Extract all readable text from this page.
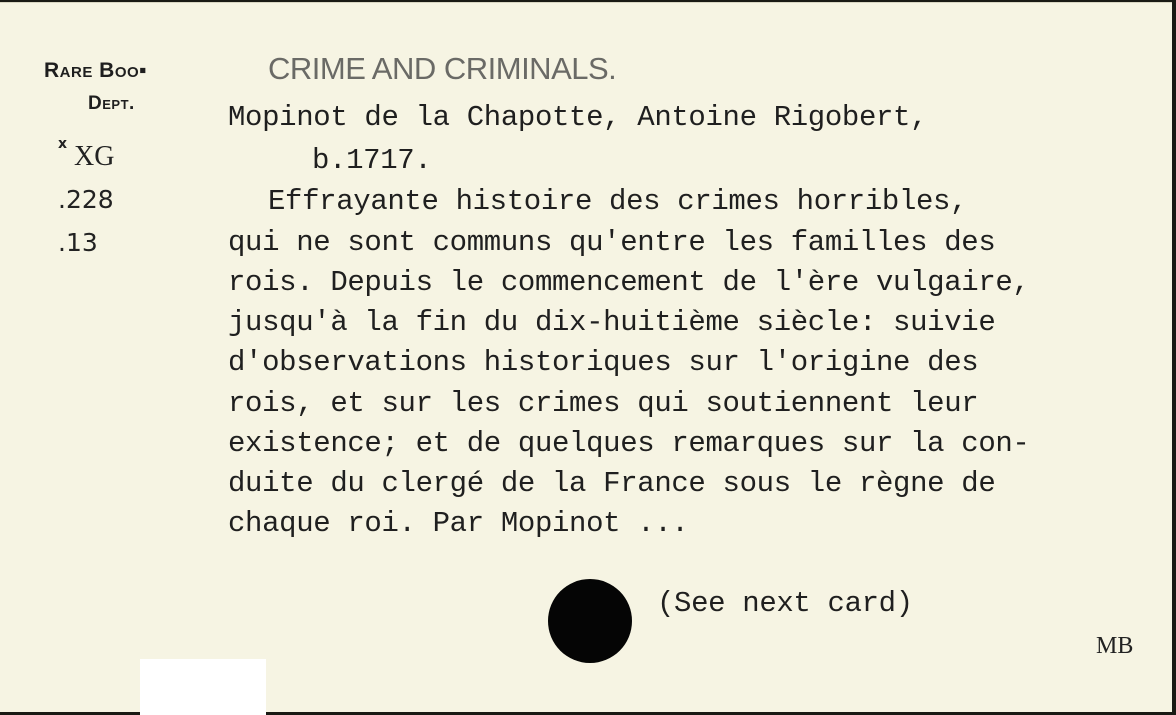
Rare Boo▪
Dept.
x XG
.228
.13
CRIME AND CRIMINALS.
Mopinot de la Chapotte, Antoine Rigobert,
b.1717.
Effrayante histoire des crimes horribles,
qui ne sont communs qu'entre les familles des
rois. Depuis le commencement de l'ère vulgaire,
jusqu'à la fin du dix-huitième siècle: suivie
d'observations historiques sur l'origine des
rois, et sur les crimes qui soutiennent leur
existence; et de quelques remarques sur la con-
duite du clergé de la France sous le règne de
chaque roi. Par Mopinot ...
(See next card)
MB
